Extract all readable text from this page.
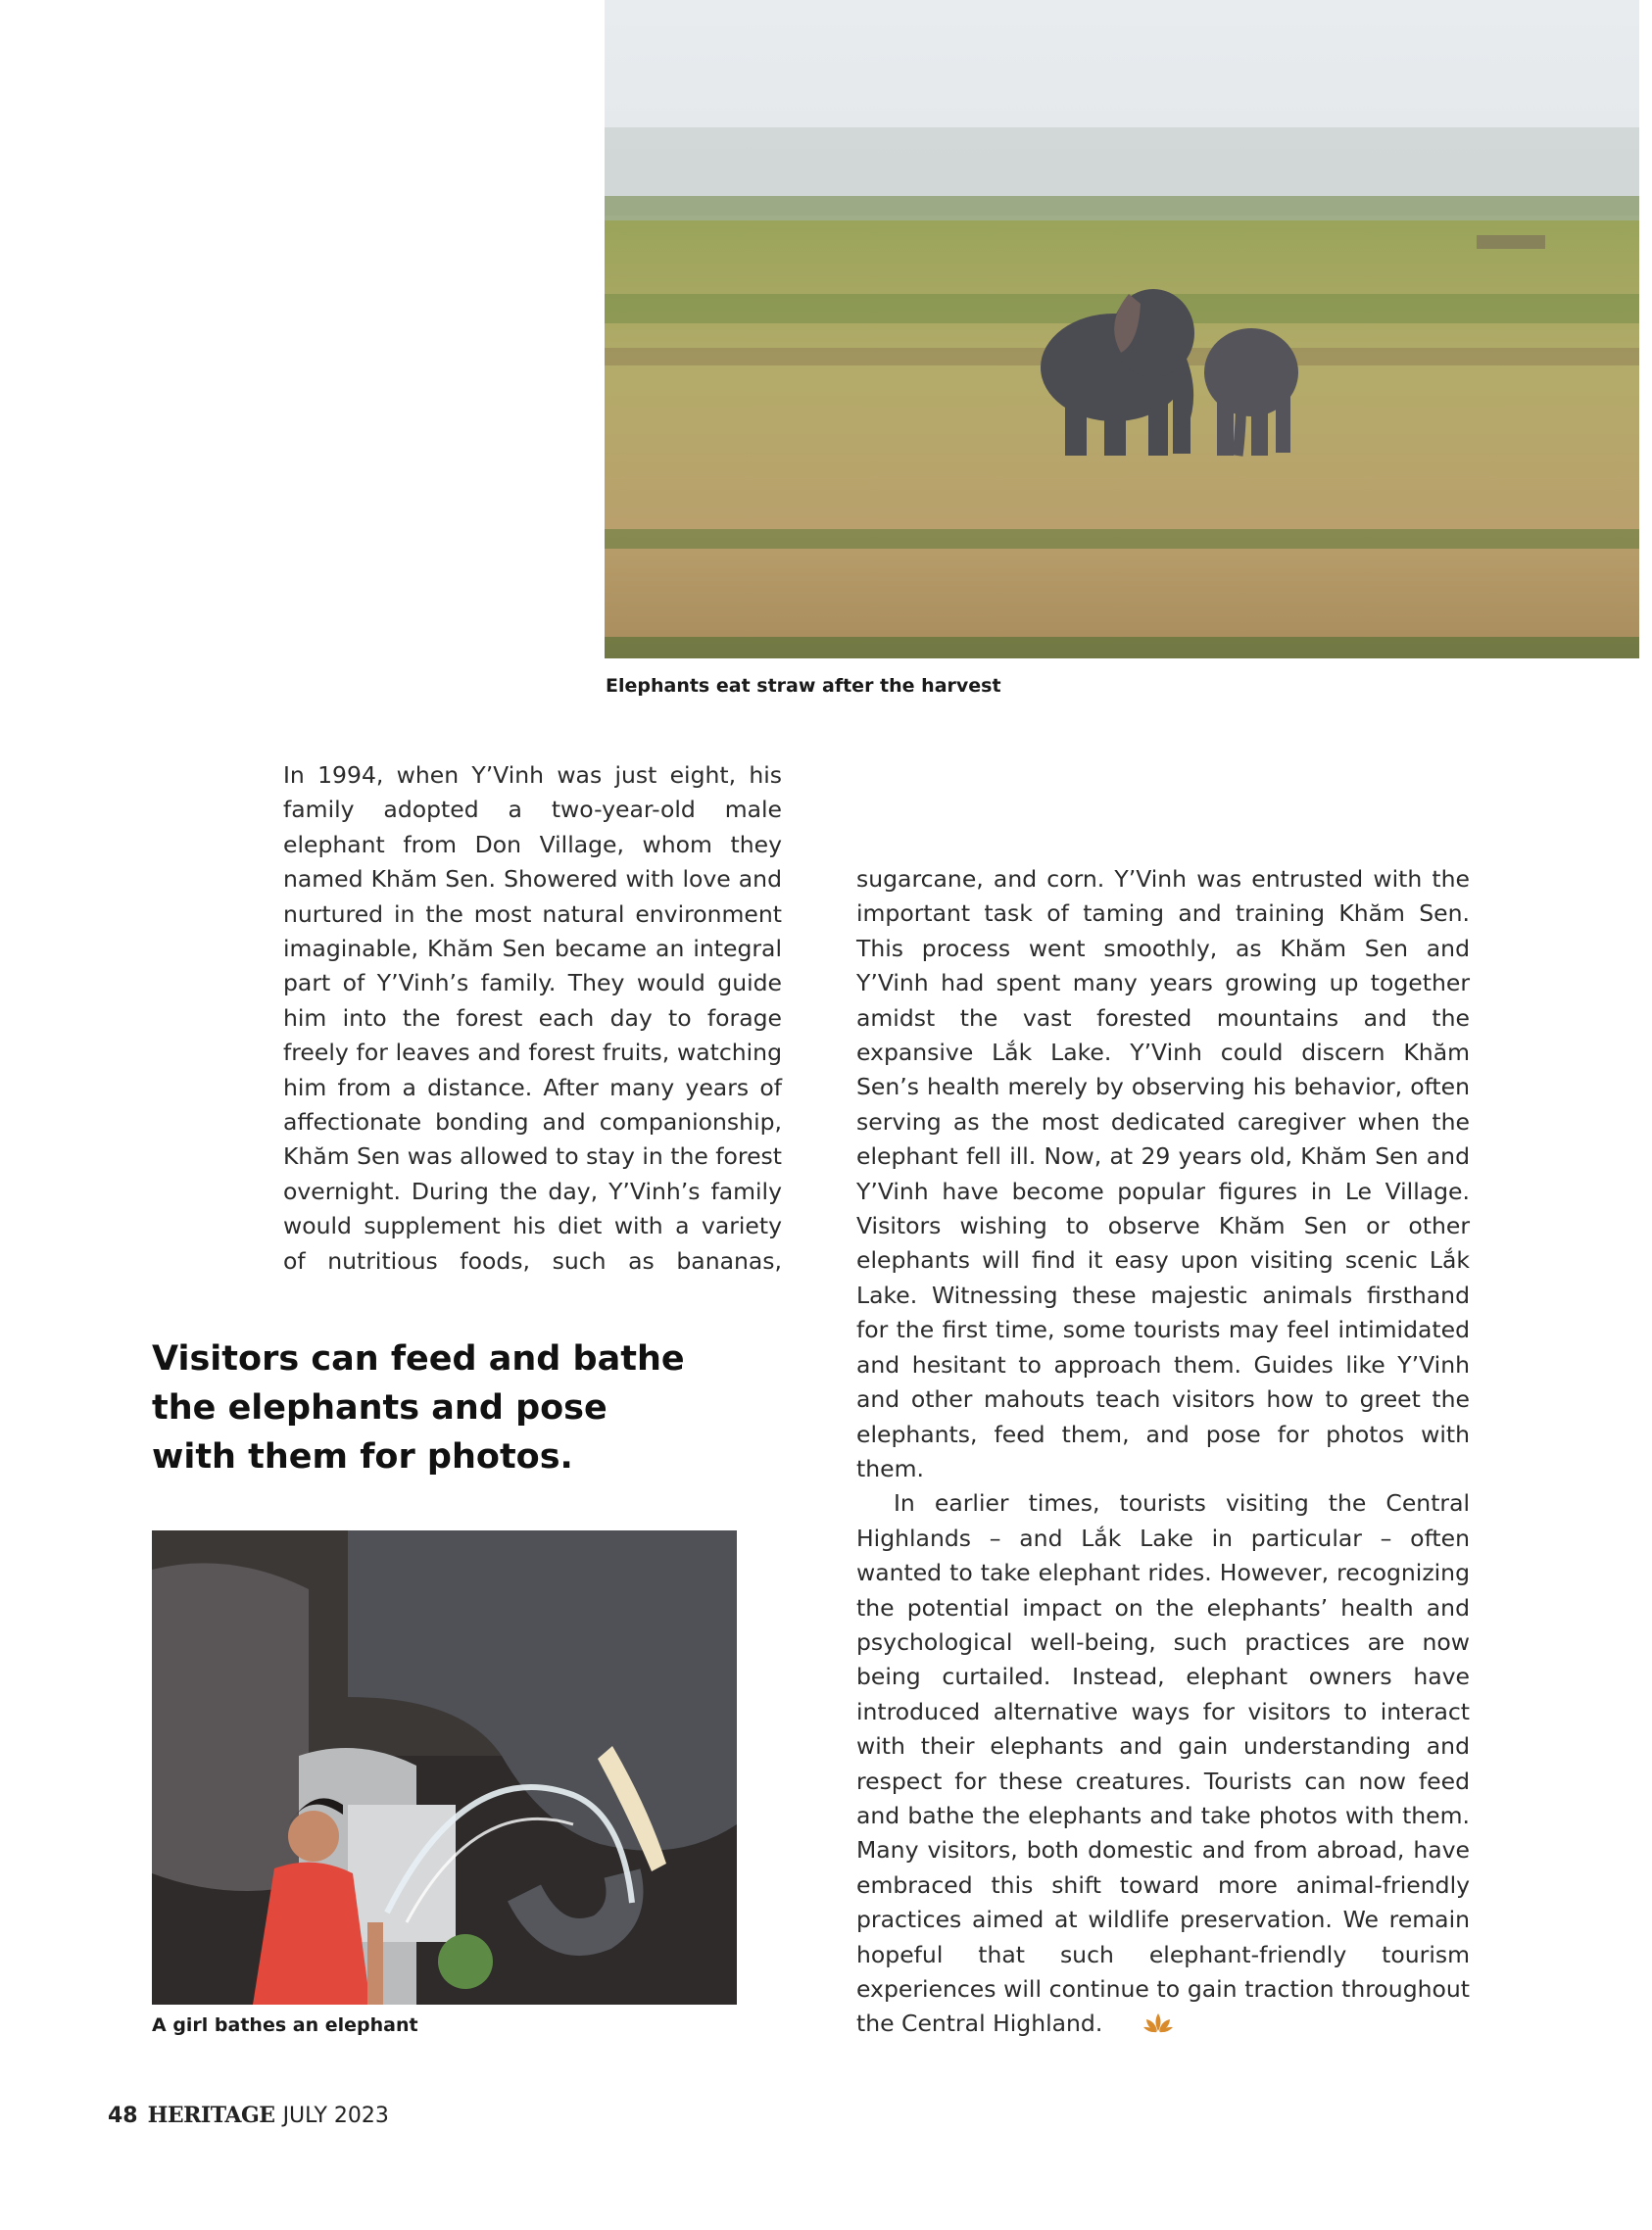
Elephants eat straw after the harvest

In 1994, when Y’Vinh was just eight, his family adopted a two-year-old male elephant from Don Village, whom they named Khăm Sen. Showered with love and nurtured in the most natural environment imaginable, Khăm Sen became an integral part of Y’Vinh’s family. They would guide him into the forest each day to forage freely for leaves and forest fruits, watching him from a distance. After many years of affectionate bonding and companionship, Khăm Sen was allowed to stay in the forest overnight. During the day, Y’Vinh’s family would supplement his diet with a variety of nutritious foods, such as bananas,

Visitors can feed and bathe the elephants and pose with them for photos.
A girl bathes an elephant

sugarcane, and corn. Y’Vinh was entrusted with the important task of taming and training Khăm Sen. This process went smoothly, as Khăm Sen and Y’Vinh had spent many years growing up together amidst the vast forested mountains and the expansive Lắk Lake. Y’Vinh could discern Khăm Sen’s health merely by observing his behavior, often serving as the most dedicated caregiver when the elephant fell ill. Now, at 29 years old, Khăm Sen and Y’Vinh have become popular figures in Le Village. Visitors wishing to observe Khăm Sen or other elephants will find it easy upon visiting scenic Lắk Lake. Witnessing these majestic animals firsthand for the first time, some tourists may feel intimidated and hesitant to approach them. Guides like Y’Vinh and other mahouts teach visitors how to greet the elephants, feed them, and pose for photos with them.

In earlier times, tourists visiting the Central Highlands – and Lắk Lake in particular – often wanted to take elephant rides. However, recognizing the potential impact on the elephants’ health and psychological well-being, such practices are now being curtailed. Instead, elephant owners have introduced alternative ways for visitors to interact with their elephants and gain understanding and respect for these creatures. Tourists can now feed and bathe the elephants and take photos with them. Many visitors, both domestic and from abroad, have embraced this shift toward more animal-friendly practices aimed at wildlife preservation. We remain hopeful that such elephant-friendly tourism experiences will continue to gain traction throughout the Central Highland.

48 HERITAGE JULY 2023
